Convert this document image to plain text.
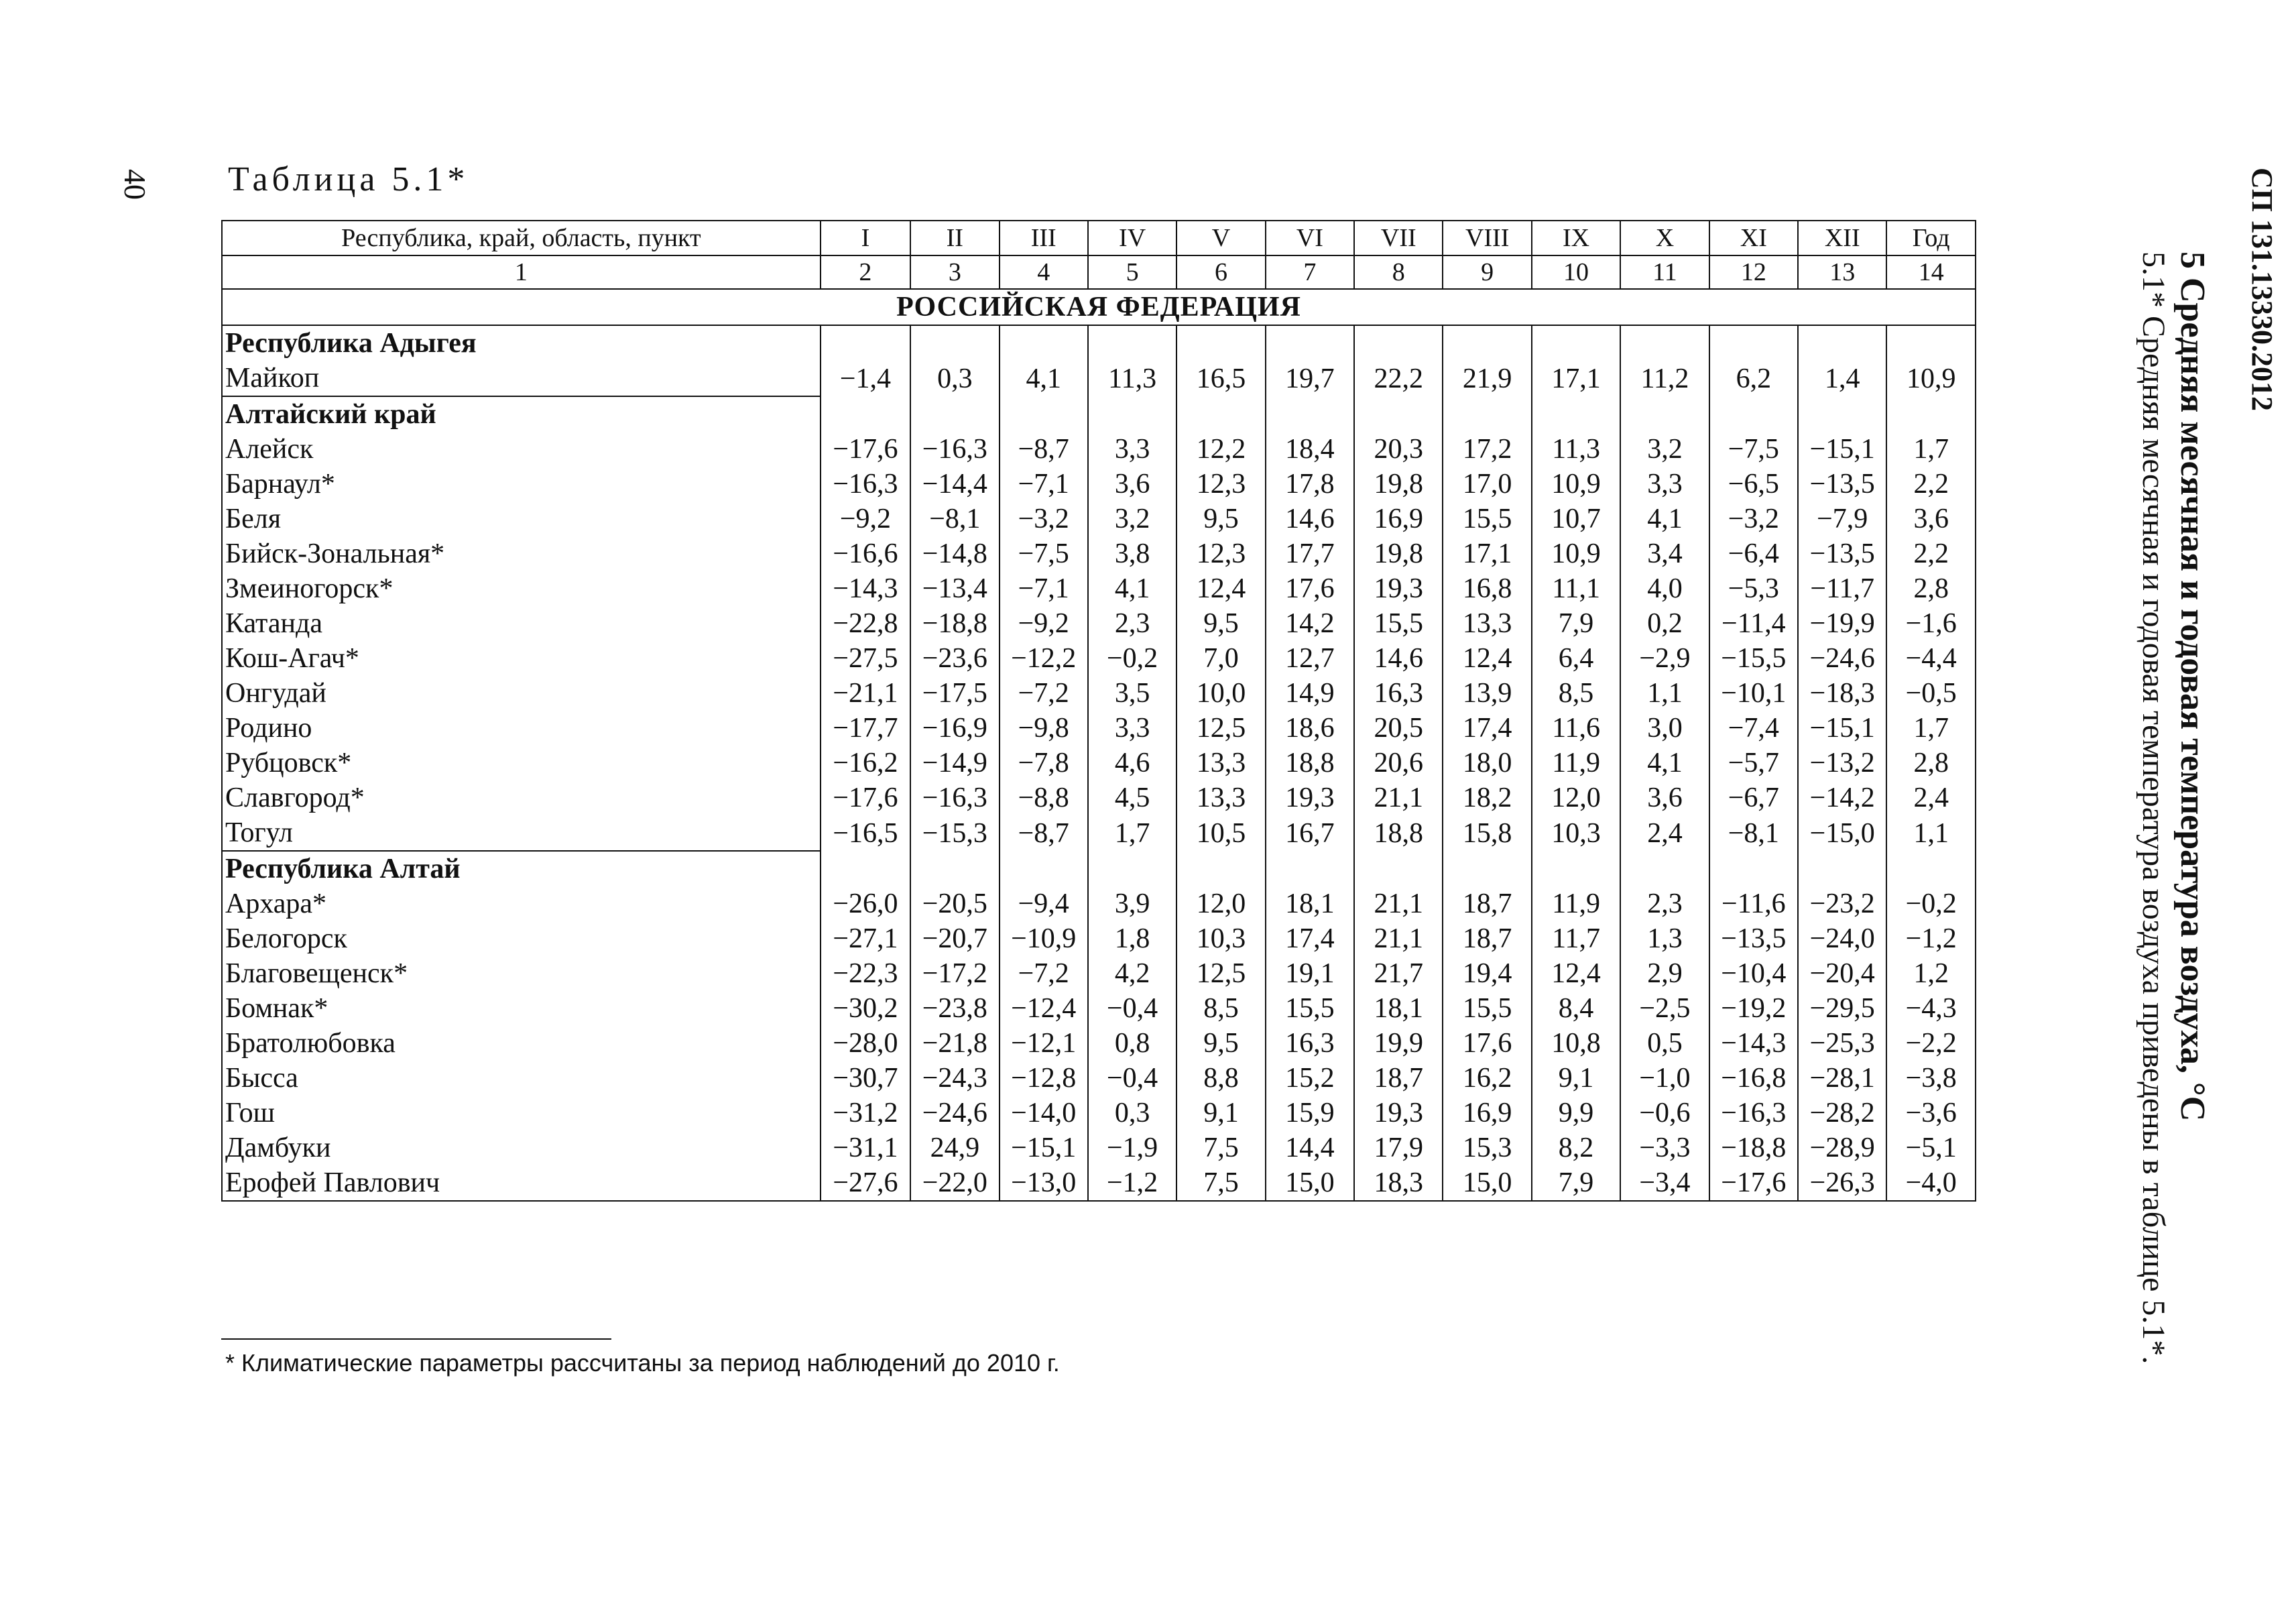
40 Таблица 5.1*
Республика, край, область, пункт	I	II	III	IV	V	VI	VII	VIII	IX	X	XI	XII	Год
1	2	3	4	5	6	7	8	9	10	11	12	13	14
РОССИЙСКАЯ ФЕДЕРАЦИЯ													
Республика Адыгея													
Майкоп	−1,4	0,3	4,1	11,3	16,5	19,7	22,2	21,9	17,1	11,2	6,2	1,4	10,9
Алтайский край													
Алейск	−17,6	−16,3	−8,7	3,3	12,2	18,4	20,3	17,2	11,3	3,2	−7,5	−15,1	1,7
Барнаул*	−16,3	−14,4	−7,1	3,6	12,3	17,8	19,8	17,0	10,9	3,3	−6,5	−13,5	2,2
Беля	−9,2	−8,1	−3,2	3,2	9,5	14,6	16,9	15,5	10,7	4,1	−3,2	−7,9	3,6
Бийск-Зональная*	−16,6	−14,8	−7,5	3,8	12,3	17,7	19,8	17,1	10,9	3,4	−6,4	−13,5	2,2
Змеиногорск*	−14,3	−13,4	−7,1	4,1	12,4	17,6	19,3	16,8	11,1	4,0	−5,3	−11,7	2,8
Катанда	−22,8	−18,8	−9,2	2,3	9,5	14,2	15,5	13,3	7,9	0,2	−11,4	−19,9	−1,6
Кош-Агач*	−27,5	−23,6	−12,2	−0,2	7,0	12,7	14,6	12,4	6,4	−2,9	−15,5	−24,6	−4,4
Онгудай	−21,1	−17,5	−7,2	3,5	10,0	14,9	16,3	13,9	8,5	1,1	−10,1	−18,3	−0,5
Родино	−17,7	−16,9	−9,8	3,3	12,5	18,6	20,5	17,4	11,6	3,0	−7,4	−15,1	1,7
Рубцовск*	−16,2	−14,9	−7,8	4,6	13,3	18,8	20,6	18,0	11,9	4,1	−5,7	−13,2	2,8
Славгород*	−17,6	−16,3	−8,8	4,5	13,3	19,3	21,1	18,2	12,0	3,6	−6,7	−14,2	2,4
Тогул	−16,5	−15,3	−8,7	1,7	10,5	16,7	18,8	15,8	10,3	2,4	−8,1	−15,0	1,1
Республика Алтай													
Архара*	−26,0	−20,5	−9,4	3,9	12,0	18,1	21,1	18,7	11,9	2,3	−11,6	−23,2	−0,2
Белогорск	−27,1	−20,7	−10,9	1,8	10,3	17,4	21,1	18,7	11,7	1,3	−13,5	−24,0	−1,2
Благовещенск*	−22,3	−17,2	−7,2	4,2	12,5	19,1	21,7	19,4	12,4	2,9	−10,4	−20,4	1,2
Бомнак*	−30,2	−23,8	−12,4	−0,4	8,5	15,5	18,1	15,5	8,4	−2,5	−19,2	−29,5	−4,3
Братолюбовка	−28,0	−21,8	−12,1	0,8	9,5	16,3	19,9	17,6	10,8	0,5	−14,3	−25,3	−2,2
Бысса	−30,7	−24,3	−12,8	−0,4	8,8	15,2	18,7	16,2	9,1	−1,0	−16,8	−28,1	−3,8
Гош	−31,2	−24,6	−14,0	0,3	9,1	15,9	19,3	16,9	9,9	−0,6	−16,3	−28,2	−3,6
Дамбуки	−31,1	24,9	−15,1	−1,9	7,5	14,4	17,9	15,3	8,2	−3,3	−18,8	−28,9	−5,1
Ерофей Павлович	−27,6	−22,0	−13,0	−1,2	7,5	15,0	18,3	15,0	7,9	−3,4	−17,6	−26,3	−4,0
* Климатические параметры рассчитаны за период наблюдений до 2010 г.
СП 131.13330.2012
5 Средняя месячная и годовая температура воздуха, °С
5.1* Средняя месячная и годовая температура воздуха приведены в таблице 5.1*.
